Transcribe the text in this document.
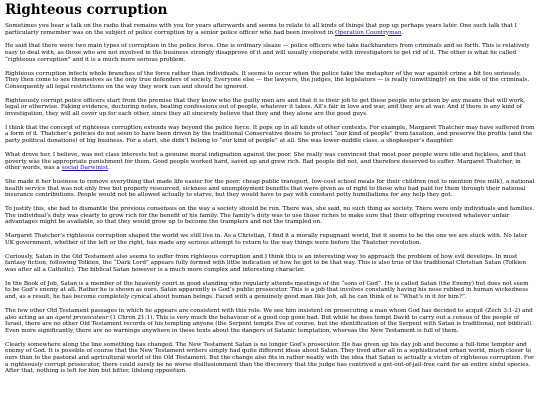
Righteous corruption

Sometimes you hear a talk on the radio that remains with you for years afterwards and seems to relate to all kinds of things that pop up perhaps years later. One such talk that I particularly remember was on the subject of police corruption by a senior police officer who had been involved in Operation Countryman.

He said that there were two main types of corruption in the police force. One is ordinary sleaze — police officers who take backhanders from criminals and so forth. This is relatively easy to deal with, as those who are not involved in the business strongly disapprove of it and will usually cooperate with investigators to get rid of it. The other is what he called “righteous corruption” and it is a much more serious problem.

Righteous corruption infects whole branches of the force rather than individuals. It seems to occur when the police take the metaphor of the war against crime a bit too seriously. They then come to see themselves as the only true defenders of society. Everyone else — the lawyers, the judges, the legislators — is really (unwittingly) on the side of the criminals. Consequently all legal restrictions on the way they work can and should be ignored.

Righteously corrupt police officers start from the premise that they know who the guilty men are and that it is their job to get these people into prison by any means that will work, legal or otherwise. Faking evidence, doctoring notes, beating confessions out of people, whatever it takes. All’s fair in love and war, and they are at war. And if there is any kind of investigation, they will all cover up for each other, since they all sincerely believe that they and they alone are the good guys.

I think that the concept of righteous corruption extends way beyond the police force. It pops up in all kinds of other contexts. For example, Margaret Thatcher may have suffered from a form of it. Thatcher’s policies do not seem to have been driven by the traditional Conservative desire to protect “our kind of people” from taxation, and preserve the profits (and the party political donations) of big business. For a start, she didn’t belong to “our kind of people” at all. She was lower-middle class, a shopkeeper’s daughter.

What drove her, I believe, was not class interests but a genuine moral indignation against the poor. She really was convinced that most poor people were idle and feckless, and that poverty was the appropriate punishment for them. Good people worked hard, saved up and grew rich. Bad people did not, and therefore deserved to suffer. Margaret Thatcher, in other words, was a social Darwinist.

She made it her business to remove everything that made life easier for the poor: cheap public transport, low-cost school meals for their children (not to mention free milk), a national health service that was not only free but properly resourced, sickness and unemployment benefits that were given as of right to those who had paid for them through their national insurance contributions. People would not be allowed actually to starve, but they would have to pay with constant petty humiliations for any help they got.

To justify this, she had to dismantle the previous consensus on the way a society should be run. There was, she said, no such thing as society. There were only individuals and families. The individual’s duty was clearly to grow rich for the benefit of his family. The family’s duty was to use those riches to make sure that their offspring received whatever unfair advantages might be available, so that they would grow up to become the tramplers and not the trampled on.

Margaret Thatcher’s righteous corruption shaped the world we still live in. As a Christian, I find it a morally repugnant world, but it seems to be the one we are stuck with. No later UK government, whether of the left or the right, has made any serious attempt to return to the way things were before the Thatcher revolution.

Curiously, Satan in the Old Testament also seems to suffer from righteous corruption and I think this is an interesting way to approach the problem of how evil develops. In most fantasy fiction, following Tolkien, the “Dark Lord” appears fully formed with little indication of how he got to be that way. This is also true of the traditional Christian Satan (Tolkien was after all a Catholic). The biblical Satan however is a much more complex and interesting character.

In the Book of Job, Satan is a member of the heavenly court in good standing who regularly attends meetings of the “sons of God”. He is called Satan (the Enemy) but does not seem to be God’s enemy at all. Rather he is shown as ours. Satan apparently is God’s public prosecutor. This is a job that involves constantly having his nose rubbed in human wickedness and, as a result, he has become completely cynical about human beings. Faced with a genuinely good man like Job, all he can think of is “What’s in it for him?”.

The few other Old Testament passages in which he appears are consistent with this role. We see him insistent on prosecuting a man whom God has decided to acquit (Zech 3:1-2) and also acting as an agent provocateur (1 Chron 21:1). This is very much the behaviour of a good cop gone bad. But while he does tempt David to carry out a census of the people of Israel, there are no other Old Testament records of his tempting anyone (the Serpent tempts Eve of course, but the identification of the Serpent with Satan is traditional, not biblical). Even more significantly, there are no warnings anywhere in these texts about the dangers of Satanic temptation, whereas the New Testament is full of them.

Clearly somewhere along the line something has changed. The New Testament Satan is no longer God’s prosecutor. He has given up his day job and become a full-time tempter and enemy of God. It is possible of course that the New Testament writers simply had quite different ideas about Satan. They lived after all in a sophisticated urban world, much closer to ours than to the pastoral and agricultural world of the Old Testament. But the change also fits in rather neatly with the idea that Satan is actually a victim of righteous corruption. For a righteously corrupt prosecutor, there could surely be no worse disillusionment than the discovery that the judge has contrived a get-out-of-jail-free card for an entire sinful species. After that, nothing is left for him but bitter, lifelong opposition.
